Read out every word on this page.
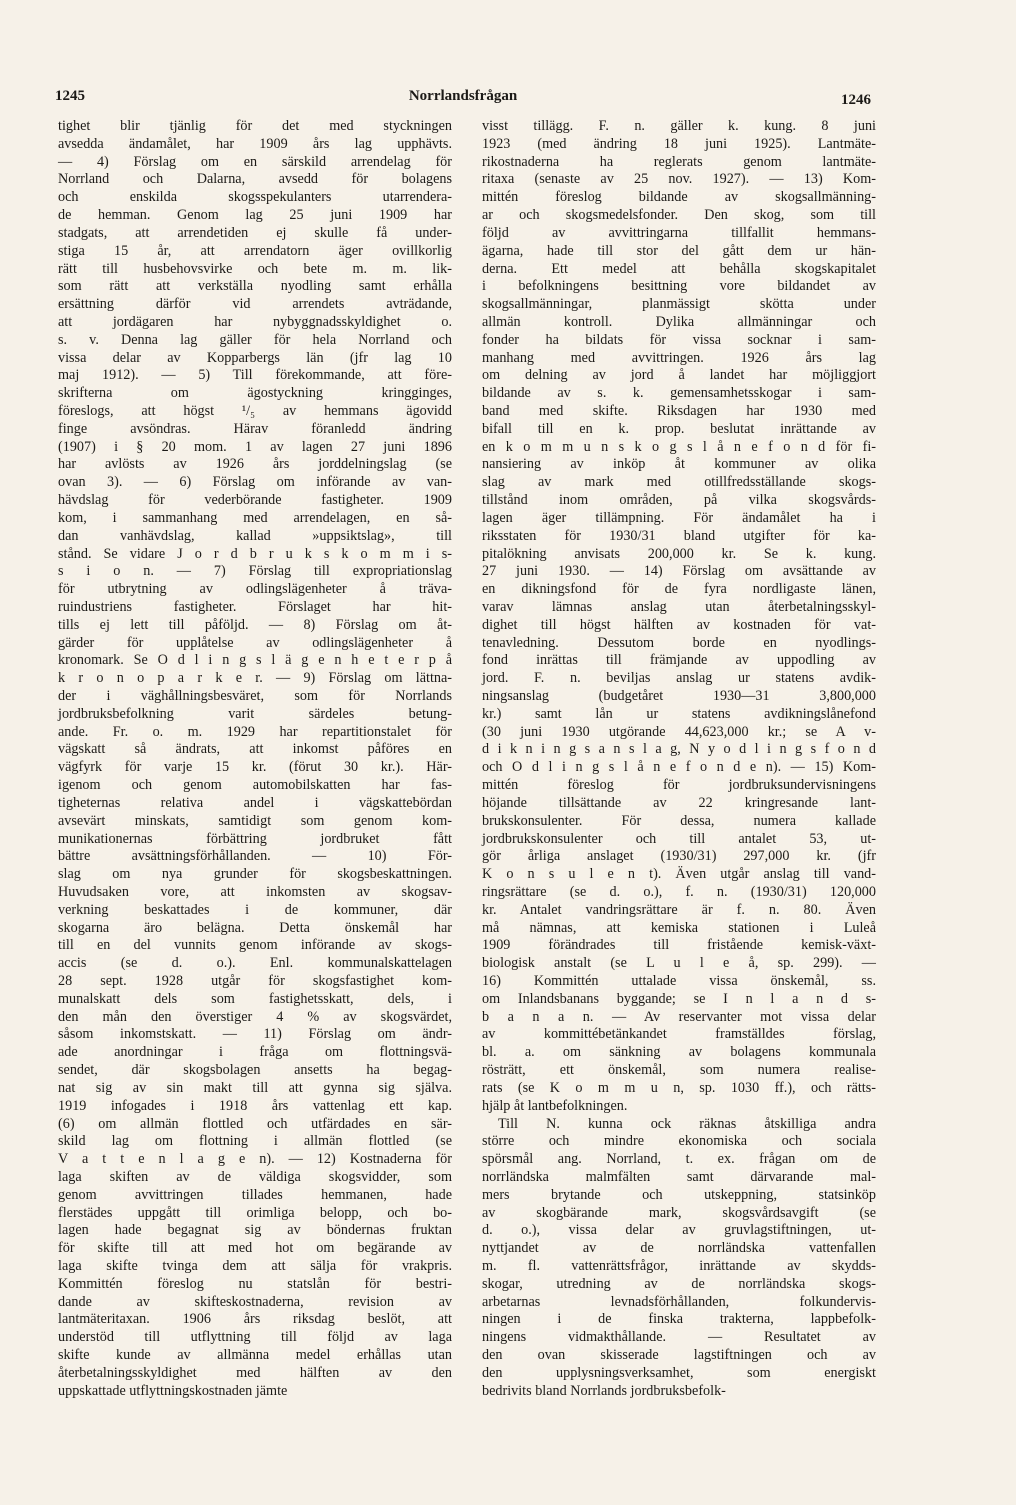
1245	Norrlandsfrågan	1246
tighet blir tjänlig för det med styckningen
avsedda ändamålet, har 1909 års lag upphävts.
— 4) Förslag om en särskild arrendelag för
Norrland och Dalarna, avsedd för bolagens
och enskilda skogsspekulanters utarrendera-
de hemman. Genom lag 25 juni 1909 har
stadgats, att arrendetiden ej skulle få under-
stiga 15 år, att arrendatorn äger ovillkorlig
rätt till husbehovsvirke och bete m. m. lik-
som rätt att verkställa nyodling samt erhålla
ersättning därför vid arrendets avträdande,
att jordägaren har nybyggnadsskyldighet o.
s. v. Denna lag gäller för hela Norrland och
vissa delar av Kopparbergs län (jfr lag 10
maj 1912). — 5) Till förekommande, att före-
skrifterna om ägostyckning kringginges,
föreslogs, att högst ¹/₅ av hemmans ägovidd
finge avsöndras. Härav föranledd ändring
(1907) i § 20 mom. 1 av lagen 27 juni 1896
har avlösts av 1926 års jorddelningslag (se
ovan 3). — 6) Förslag om införande av van-
hävdslag för vederbörande fastigheter. 1909
kom, i sammanhang med arrendelagen, en så-
dan vanhävdslag, kallad »uppsiktslag», till
stånd. Se vidare J o r d b r u k s k o m m i s-
s i o n. — 7) Förslag till expropriationslag
för utbrytning av odlingslägenheter å träva-
ruindustriens fastigheter. Förslaget har hit-
tills ej lett till påföljd. — 8) Förslag om åt-
gärder för upplåtelse av odlingslägenheter å
kronomark. Se O d l i n g s l ä g e n h e t e r p å
k r o n o p a r k e r. — 9) Förslag om lättna-
der i väghållningsbesväret, som för Norrlands
jordbruksbefolkning varit särdeles betung-
ande. Fr. o. m. 1929 har repartitionstalet för
vägskatt så ändrats, att inkomst påföres en
vägfyrk för varje 15 kr. (förut 30 kr.). Här-
igenom och genom automobilskatten har fas-
tigheternas relativa andel i vägskattebördan
avsevärt minskats, samtidigt som genom kom-
munikationernas förbättring jordbruket fått
bättre avsättningsförhållanden. — 10) För-
slag om nya grunder för skogsbeskattningen.
Huvudsaken vore, att inkomsten av skogsav-
verkning beskattades i de kommuner, där
skogarna äro belägna. Detta önskemål har
till en del vunnits genom införande av skogs-
accis (se d. o.). Enl. kommunalskattelagen
28 sept. 1928 utgår för skogsfastighet kom-
munalskatt dels som fastighetsskatt, dels, i
den mån den överstiger 4 % av skogsvärdet,
såsom inkomstskatt. — 11) Förslag om ändr-
ade anordningar i fråga om flottningsvä-
sendet, där skogsbolagen ansetts ha begag-
nat sig av sin makt till att gynna sig själva.
1919 infogades i 1918 års vattenlag ett kap.
(6) om allmän flottled och utfärdades en sär-
skild lag om flottning i allmän flottled (se
V a t t e n l a g e n). — 12) Kostnaderna för
laga skiften av de väldiga skogsvidder, som
genom avvittringen tillades hemmanen, hade
flerstädes uppgått till orimliga belopp, och bo-
lagen hade begagnat sig av böndernas fruktan
för skifte till att med hot om begärande av
laga skifte tvinga dem att sälja för vrakpris.
Kommittén föreslog nu statslån för bestri-
dande av skifteskostnaderna, revision av
lantmäteritaxan. 1906 års riksdag beslöt, att
understöd till utflyttning till följd av laga
skifte kunde av allmänna medel erhållas utan
återbetalningsskyldighet med hälften av den
uppskattade utflyttningskostnaden jämte
visst tillägg. F. n. gäller k. kung. 8 juni
1923 (med ändring 18 juni 1925). Lantmäte-
rikostnaderna ha reglerats genom lantmäte-
ritaxa (senaste av 25 nov. 1927). — 13) Kom-
mittén föreslog bildande av skogsallmänning-
ar och skogsmedelsfonder. Den skog, som till
följd av avvittringarna tillfallit hemmans-
ägarna, hade till stor del gått dem ur hän-
derna. Ett medel att behålla skogskapitalet
i befolkningens besittning vore bildandet av
skogsallmänningar, planmässigt skötta under
allmän kontroll. Dylika allmänningar och
fonder ha bildats för vissa socknar i sam-
manhang med avvittringen. 1926 års lag
om delning av jord å landet har möjliggjort
bildande av s. k. gemensamhetsskogar i sam-
band med skifte. Riksdagen har 1930 med
bifall till en k. prop. beslutat inrättande av
en k o m m u n s k o g s l å n e f o n d för fi-
nansiering av inköp åt kommuner av olika
slag av mark med otillfredsställande skogs-
tillstånd inom områden, på vilka skogsvårds-
lagen äger tillämpning. För ändamålet ha i
riksstaten för 1930/31 bland utgifter för ka-
pitalökning anvisats 200,000 kr. Se k. kung.
27 juni 1930. — 14) Förslag om avsättande av
en dikningsfond för de fyra nordligaste länen,
varav lämnas anslag utan återbetalningsskyl-
dighet till högst hälften av kostnaden för vat-
tenavledning. Dessutom borde en nyodlings-
fond inrättas till främjande av uppodling av
jord. F. n. beviljas anslag ur statens avdik-
ningsanslag (budgetåret 1930—31 3,800,000
kr.) samt lån ur statens avdikningslånefond
(30 juni 1930 utgörande 44,623,000 kr.; se A v-
d i k n i n g s a n s l a g, N y o d l i n g s f o n d
och O d l i n g s l å n e f o n d e n). — 15) Kom-
mittén föreslog för jordbruksundervisningens
höjande tillsättande av 22 kringresande lant-
brukskonsulenter. För dessa, numera kallade
jordbrukskonsulenter och till antalet 53, ut-
gör årliga anslaget (1930/31) 297,000 kr. (jfr
K o n s u l e n t). Även utgår anslag till vand-
ringsrättare (se d. o.), f. n. (1930/31) 120,000
kr. Antalet vandringsrättare är f. n. 80. Även
må nämnas, att kemiska stationen i Luleå
1909 förändrades till fristående kemisk-växt-
biologisk anstalt (se L u l e å, sp. 299). —
16) Kommittén uttalade vissa önskemål, ss.
om Inlandsbanans byggande; se I n l a n d s-
b a n a n. — Av reservanter mot vissa delar
av kommittébetänkandet framställdes förslag,
bl. a. om sänkning av bolagens kommunala
rösträtt, ett önskemål, som numera realise-
rats (se K o m m u n, sp. 1030 ff.), och rätts-
hjälp åt lantbefolkningen.
Till N. kunna ock räknas åtskilliga andra
större och mindre ekonomiska och sociala
spörsmål ang. Norrland, t. ex. frågan om de
norrländska malmfälten samt därvarande mal-
mers brytande och utskeppning, statsinköp
av skogbärande mark, skogsvårdsavgift (se
d. o.), vissa delar av gruvlagstiftningen, ut-
nyttjandet av de norrländska vattenfallen
m. fl. vattenrättsfrågor, inrättande av skydds-
skogar, utredning av de norrländska skogs-
arbetarnas levnadsförhållanden, folkundervis-
ningen i de finska trakterna, lappbefolk-
ningens vidmakthållande. — Resultatet av
den ovan skisserade lagstiftningen och av
den upplysningsverksamhet, som energiskt
bedrivits bland Norrlands jordbruksbefolk-
